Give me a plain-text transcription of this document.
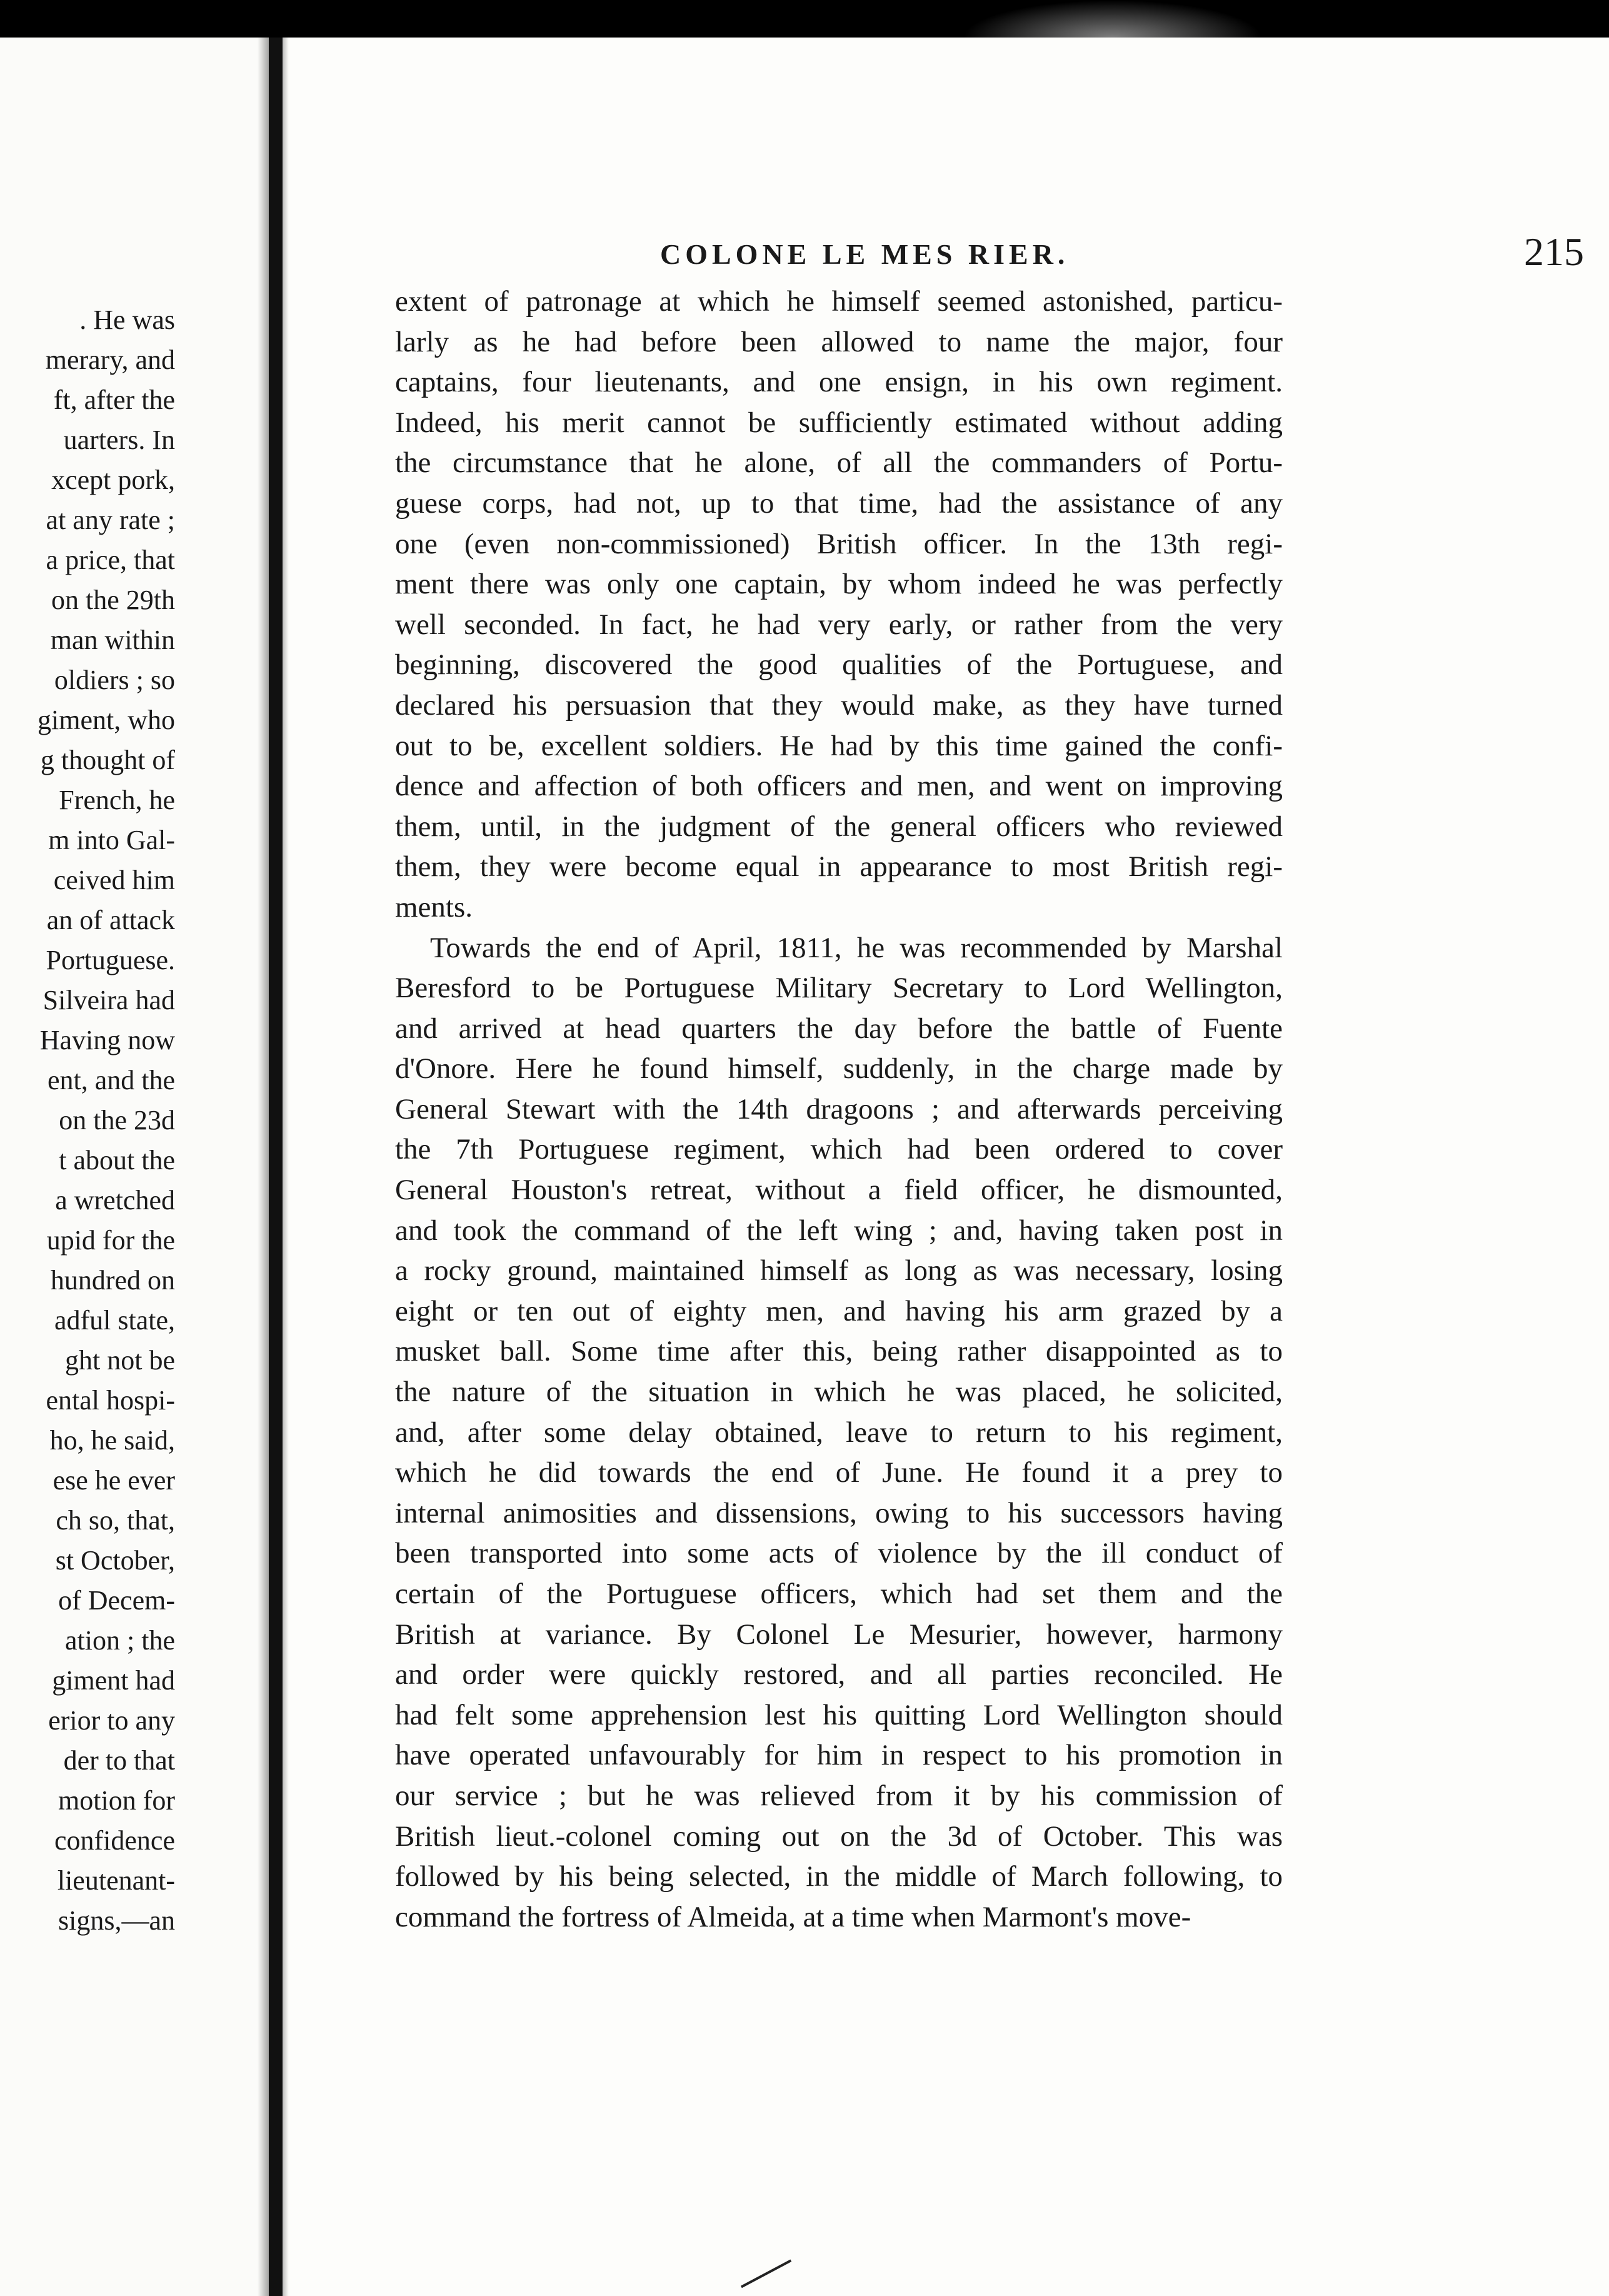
. He was
merary, and
ft, after the
uarters. In
xcept pork,
at any rate ;
a price, that
on the 29th
man within
oldiers ; so
giment, who
g thought of
French, he
m into Gal-
ceived him
an of attack
Portuguese.
Silveira had
Having now
ent, and the
on the 23d
t about the
a wretched
upid for the
hundred on
adful state,
ght not be
ental hospi-
ho, he said,
ese he ever
ch so, that,
st October,
of Decem-
ation ; the
giment had
erior to any
der to that
motion for
confidence
lieutenant-
signs,—an
COLONE LE MES RIER.	215

extent of patronage at which he himself seemed astonished, particu-
larly as he had before been allowed to name the major, four
captains, four lieutenants, and one ensign, in his own regiment.
Indeed, his merit cannot be sufficiently estimated without adding
the circumstance that he alone, of all the commanders of Portu-
guese corps, had not, up to that time, had the assistance of any
one (even non-commissioned) British officer. In the 13th regi-
ment there was only one captain, by whom indeed he was perfectly
well seconded. In fact, he had very early, or rather from the very
beginning, discovered the good qualities of the Portuguese, and
declared his persuasion that they would make, as they have turned
out to be, excellent soldiers. He had by this time gained the confi-
dence and affection of both officers and men, and went on improving
them, until, in the judgment of the general officers who reviewed
them, they were become equal in appearance to most British regi-
ments.

Towards the end of April, 1811, he was recommended by Marshal
Beresford to be Portuguese Military Secretary to Lord Wellington,
and arrived at head quarters the day before the battle of Fuente
d'Onore. Here he found himself, suddenly, in the charge made by
General Stewart with the 14th dragoons ; and afterwards perceiving
the 7th Portuguese regiment, which had been ordered to cover
General Houston's retreat, without a field officer, he dismounted,
and took the command of the left wing ; and, having taken post in
a rocky ground, maintained himself as long as was necessary, losing
eight or ten out of eighty men, and having his arm grazed by a
musket ball. Some time after this, being rather disappointed as to
the nature of the situation in which he was placed, he solicited,
and, after some delay obtained, leave to return to his regiment,
which he did towards the end of June. He found it a prey to
internal animosities and dissensions, owing to his successors having
been transported into some acts of violence by the ill conduct of
certain of the Portuguese officers, which had set them and the
British at variance. By Colonel Le Mesurier, however, harmony
and order were quickly restored, and all parties reconciled. He
had felt some apprehension lest his quitting Lord Wellington should
have operated unfavourably for him in respect to his promotion in
our service ; but he was relieved from it by his commission of
British lieut.-colonel coming out on the 3d of October. This was
followed by his being selected, in the middle of March following, to
command the fortress of Almeida, at a time when Marmont's move-
